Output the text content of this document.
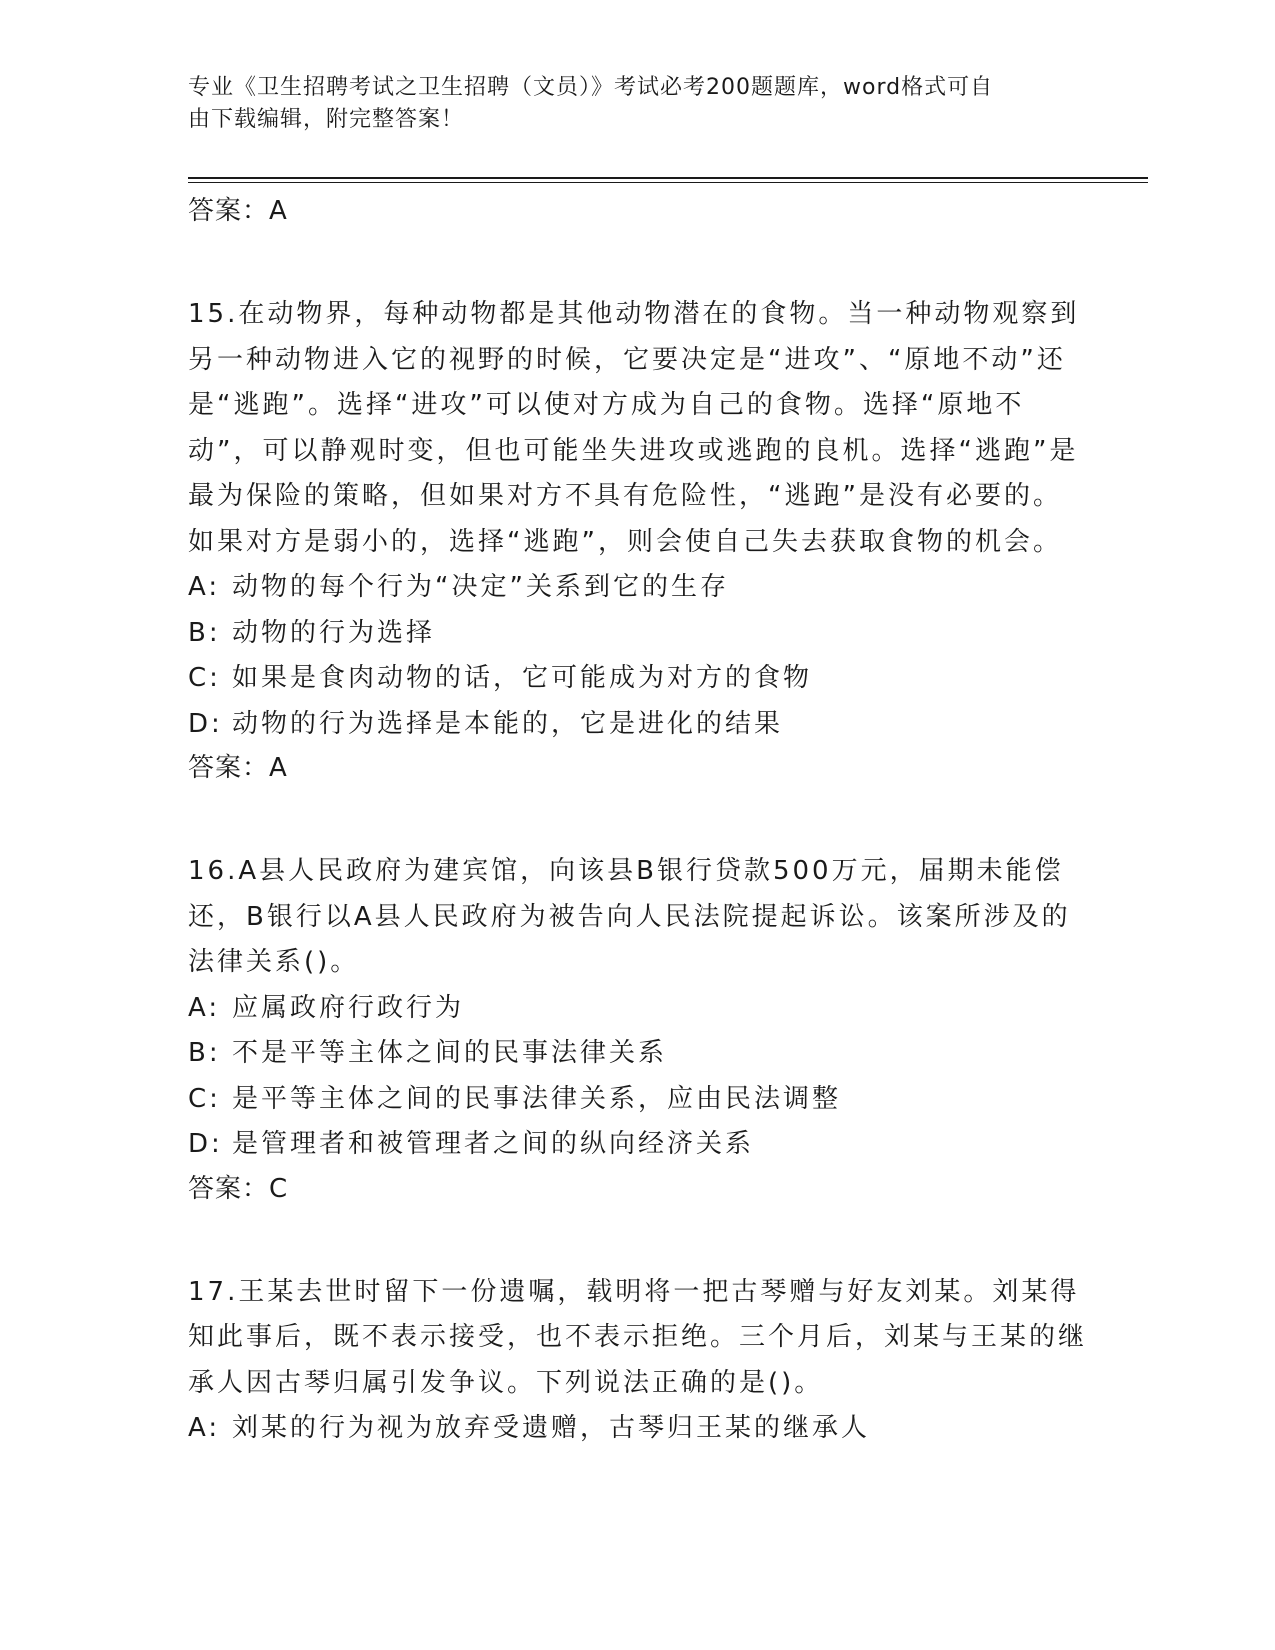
专业《卫生招聘考试之卫生招聘（文员）》考试必考200题题库，word格式可自

由下载编辑，附完整答案！

答案：A

15.在动物界，每种动物都是其他动物潜在的食物。当一种动物观察到另一种动物进入它的视野的时候，它要决定是“进攻”、“原地不动”还是“逃跑”。选择“进攻”可以使对方成为自己的食物。选择“原地不动”，可以静观时变，但也可能坐失进攻或逃跑的良机。选择“逃跑”是最为保险的策略，但如果对方不具有危险性，“逃跑”是没有必要的。如果对方是弱小的，选择“逃跑”，则会使自己失去获取食物的机会。

A: 动物的每个行为“决定”关系到它的生存
B: 动物的行为选择
C: 如果是食肉动物的话，它可能成为对方的食物
D: 动物的行为选择是本能的，它是进化的结果

答案：A

16.A县人民政府为建宾馆，向该县B银行贷款500万元，届期未能偿还，B银行以A县人民政府为被告向人民法院提起诉讼。该案所涉及的法律关系()。

A: 应属政府行政行为
B: 不是平等主体之间的民事法律关系
C: 是平等主体之间的民事法律关系，应由民法调整
D: 是管理者和被管理者之间的纵向经济关系

答案：C

17.王某去世时留下一份遗嘱，载明将一把古琴赠与好友刘某。刘某得知此事后，既不表示接受，也不表示拒绝。三个月后，刘某与王某的继承人因古琴归属引发争议。下列说法正确的是()。

A: 刘某的行为视为放弃受遗赠，古琴归王某的继承人
